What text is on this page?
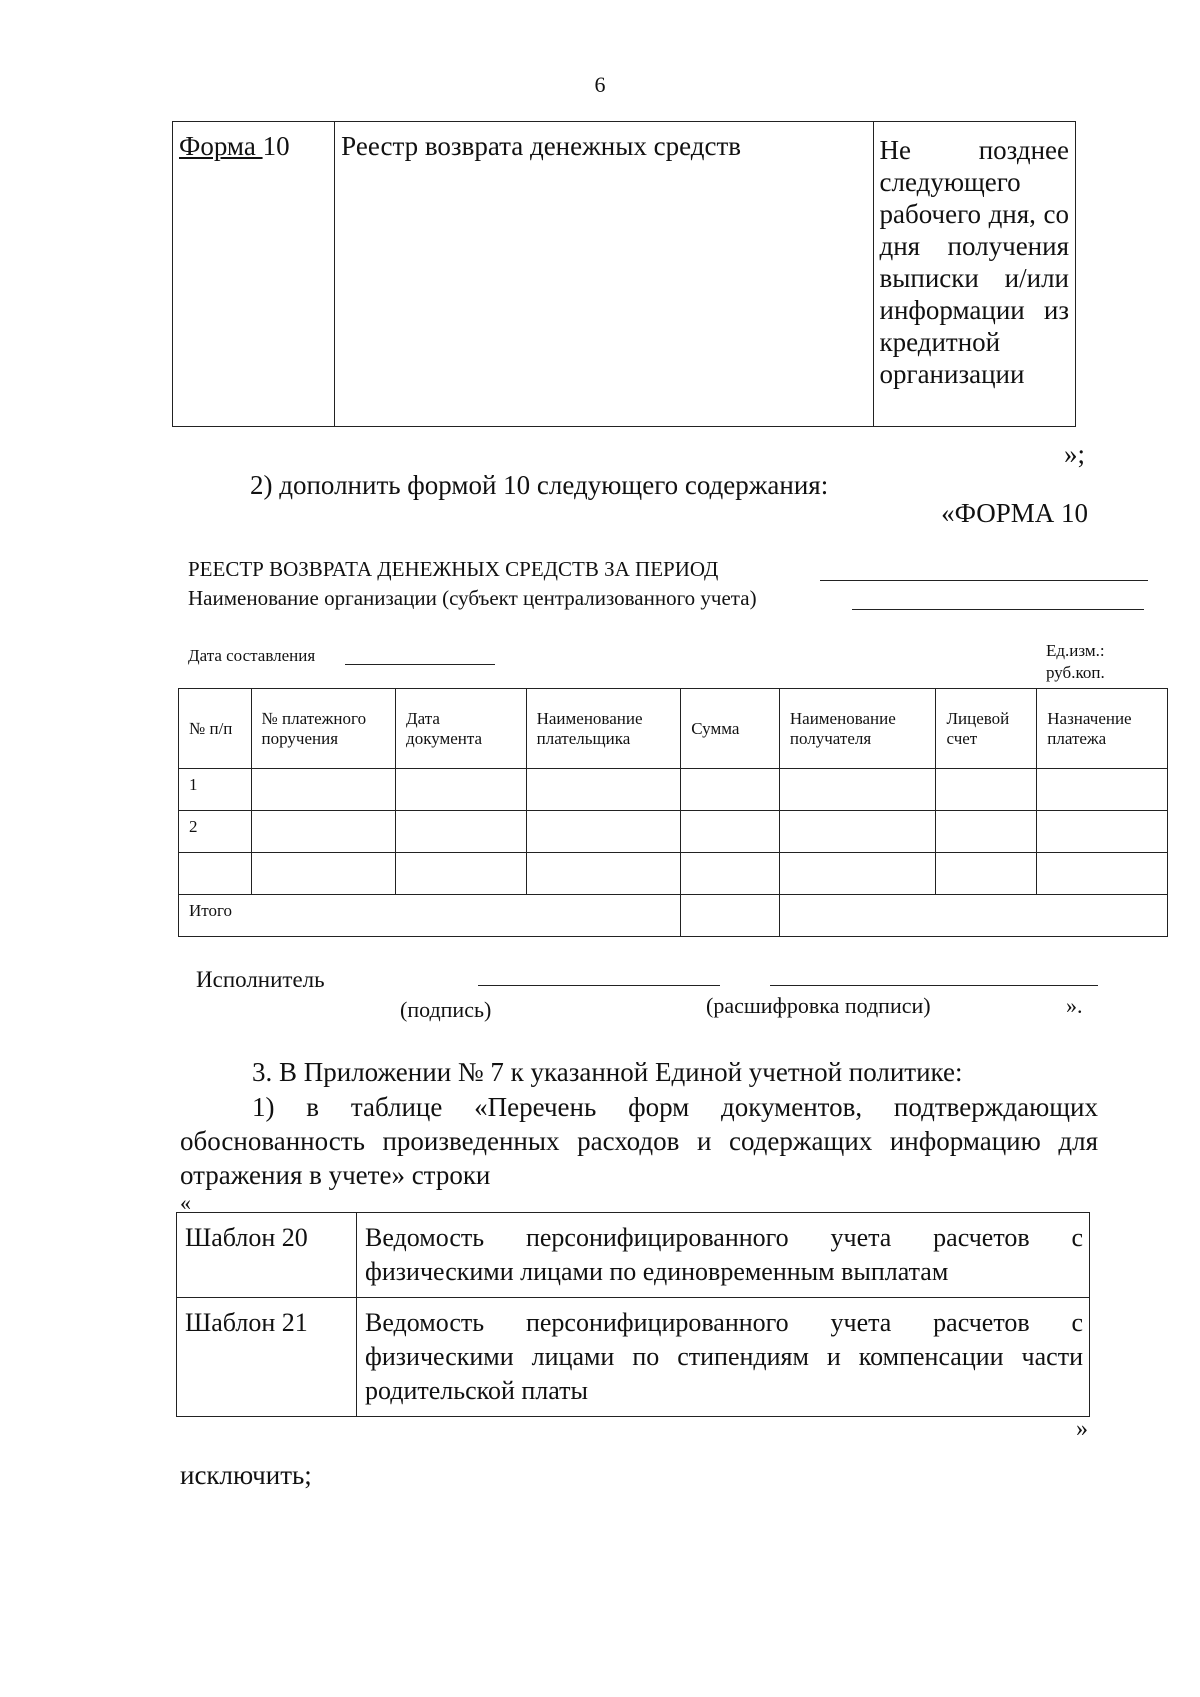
6
Форма 10	Реестр возврата денежных средств	Не позднее следующего рабочего дня, со дня получения выписки и/или информации из кредитной организации
»;
2) дополнить формой 10 следующего содержания:
«ФОРМА 10
РЕЕСТР ВОЗВРАТА ДЕНЕЖНЫХ СРЕДСТВ ЗА ПЕРИОД
Наименование организации (субъект централизованного учета)
Дата составления	Ед.изм.:
руб.коп.
№ п/п	№ платежного поручения	Дата документа	Наименование плательщика	Сумма	Наименование получателя	Лицевой счет	Назначение платежа
1							
2							

Итого							
Исполнитель
(подпись)	(расшифровка подписи)	».
3. В Приложении № 7 к указанной Единой учетной политике:
1) в таблице «Перечень форм документов, подтверждающих обоснованность произведенных расходов и содержащих информацию для отражения в учете» строки
«
Шаблон 20	Ведомость персонифицированного учета расчетов с физическими лицами по единовременным выплатам
Шаблон 21	Ведомость персонифицированного учета расчетов с физическими лицами по стипендиям и компенсации части родительской платы
»
исключить;
